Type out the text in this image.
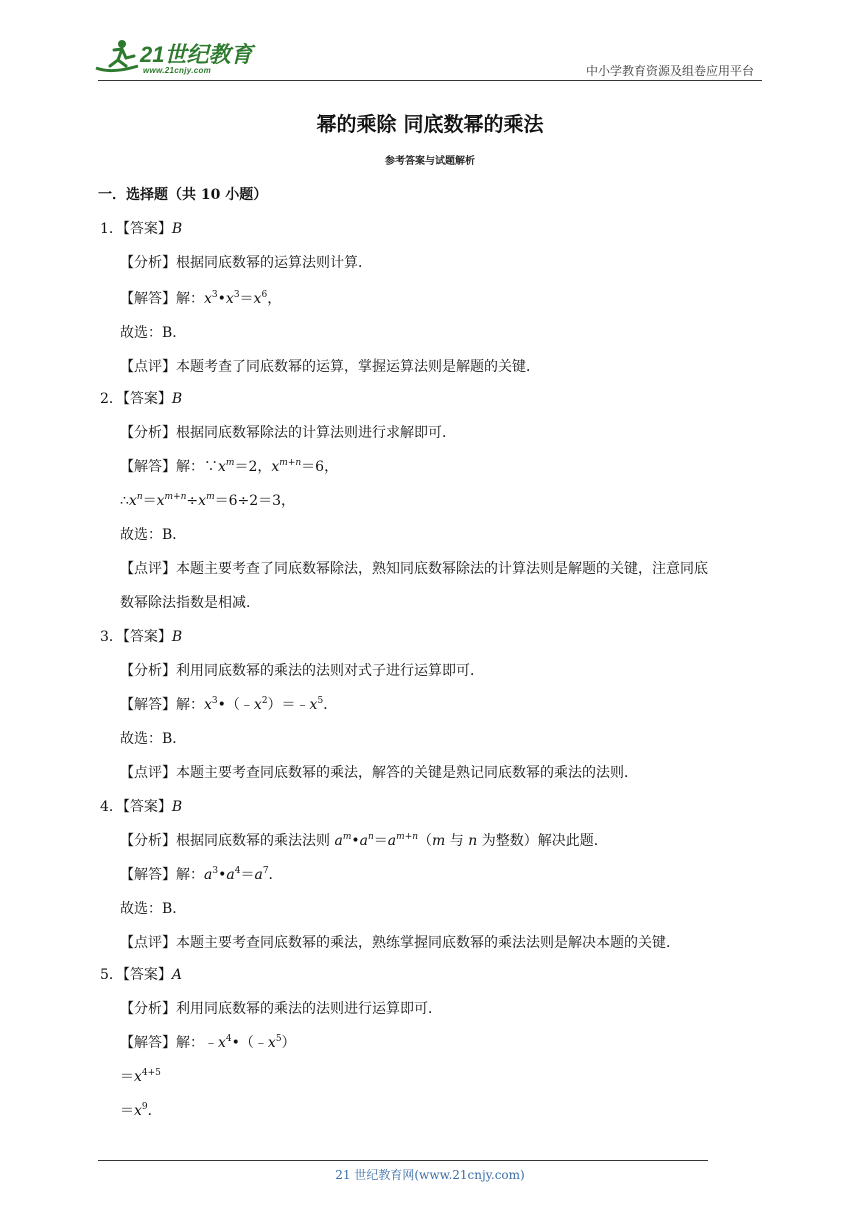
21世纪教育
www.21cnjy.com	中小学教育资源及组卷应用平台
幂的乘除 同底数幂的乘法
参考答案与试题解析
一．选择题（共 10 小题）
1．【答案】B
【分析】根据同底数幂的运算法则计算．
【解答】解：$x^3•x^3=x^6$，
故选：B．
【点评】本题考查了同底数幂的运算，掌握运算法则是解题的关键．
2．【答案】B
【分析】根据同底数幂除法的计算法则进行求解即可．
【解答】解：$\because x^m=2$，$x^{m+n}=6$，
$\therefore x^n=x^{m+n}\div x^m=6\div 2=3$，
故选：B．
【点评】本题主要考查了同底数幂除法，熟知同底数幂除法的计算法则是解题的关键，注意同底
数幂除法指数是相减．
3．【答案】B
【分析】利用同底数幂的乘法的法则对式子进行运算即可．
【解答】解：$x^3•(﹣x^2)=﹣x^5$．
故选：B．
【点评】本题主要考查同底数幂的乘法，解答的关键是熟记同底数幂的乘法的法则．
4．【答案】B
【分析】根据同底数幂的乘法法则 $a^m•a^n=a^{m+n}(m$ 与 n 为整数）解决此题．
【解答】解：$a^3•a^4=a^7$．
故选：B．
【点评】本题主要考查同底数幂的乘法，熟练掌握同底数幂的乘法法则是解决本题的关键．
5．【答案】A
【分析】利用同底数幂的乘法的法则进行运算即可．
【解答】解：$﹣x^4•(﹣x^5)$
$=x^{4+5}$
$=x^9$．
21 世纪教育网(www.21cnjy.com)
